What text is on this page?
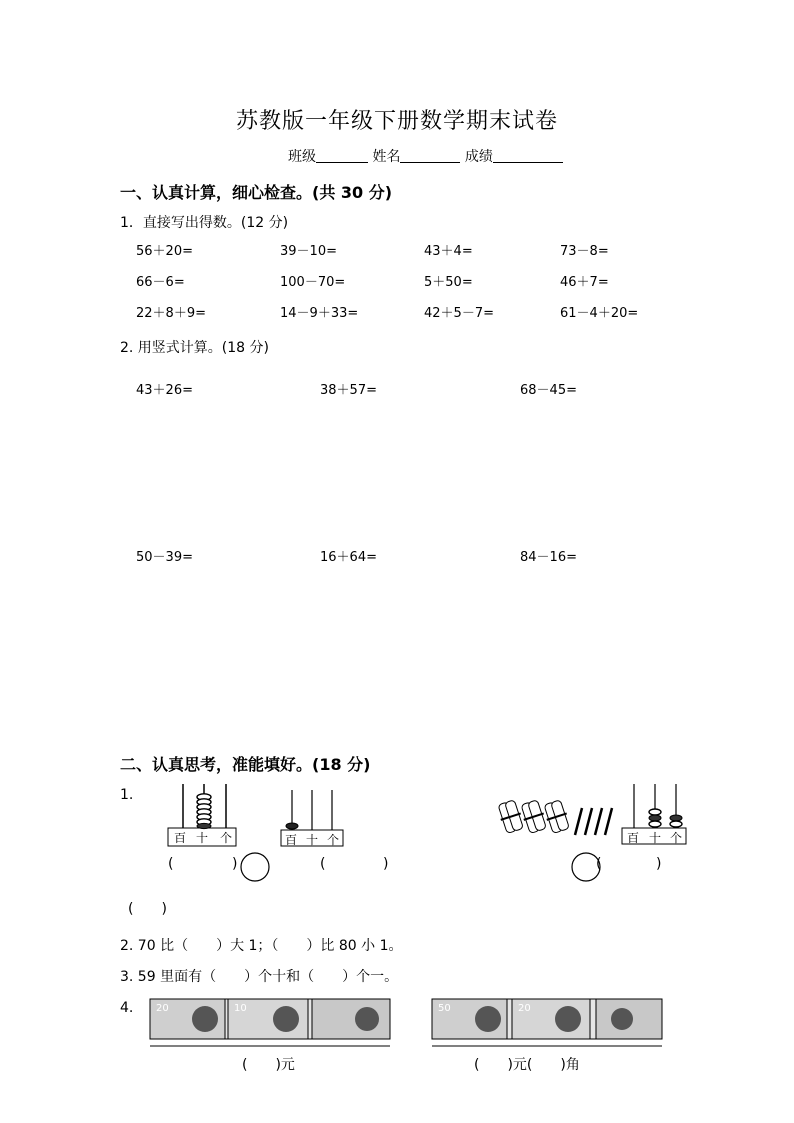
苏教版一年级下册数学期末试卷
班级	姓名	成绩
一、认真计算，细心检查。(共 30 分)
1．直接写出得数。(12 分)
56＋20=	39－10=	43＋4=	73－8=
66－6=	100－70=	5＋50=	46＋7=
22＋8＋9=	14－9＋33=	42＋5－7=	61－4＋20=
2. 用竖式计算。(18 分)
43＋26=	38＋57=	68－45=
50－39=	16＋64=	84－16=
二、认真思考，准能填好。(18 分)
1.
百 十 个	百 十 个	百 十 个
(	)	(	)	(	)
(　　)
2. 70 比（　　）大 1；（　　）比 80 小 1。
3. 59 里面有（　　）个十和（　　）个一。
4. 20	10	50	20
(　　)元	(　　)元(　　)角
